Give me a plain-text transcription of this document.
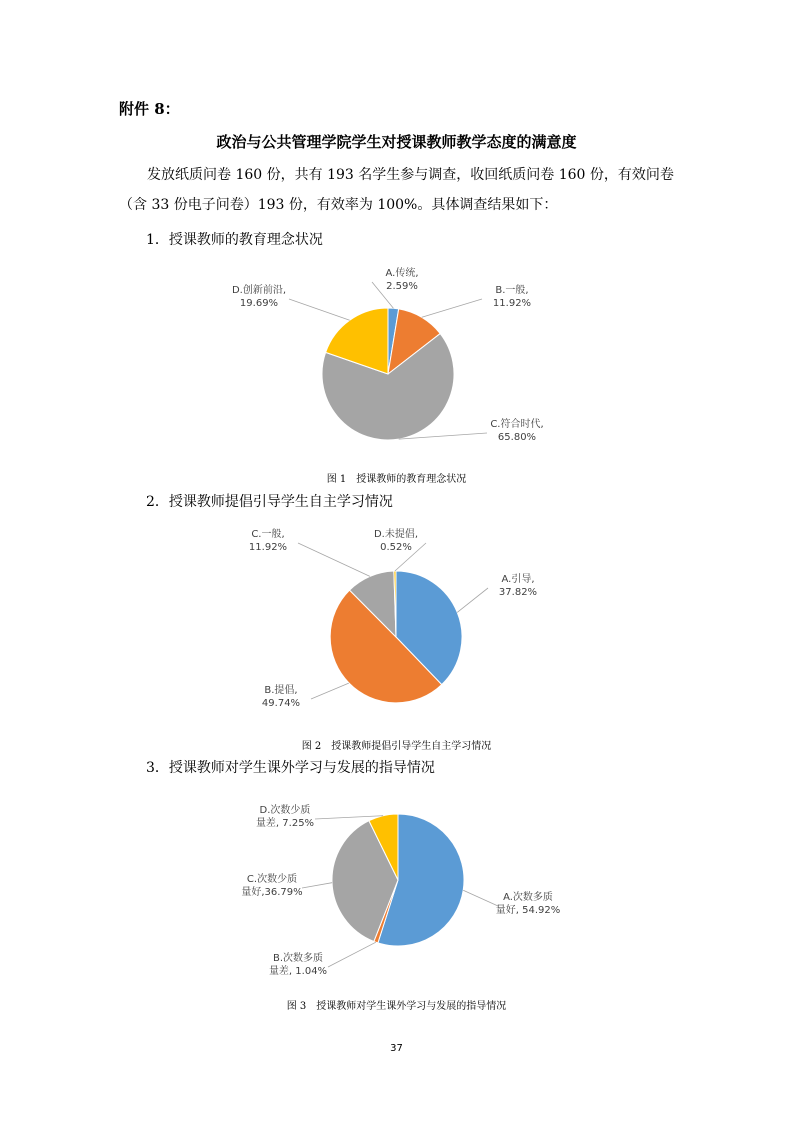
附件 8：
政治与公共管理学院学生对授课教师教学态度的满意度
发放纸质问卷 160 份，共有 193 名学生参与调查，收回纸质问卷 160 份，有效问卷（含 33 份电子问卷）193 份，有效率为 100%。具体调查结果如下：
1．授课教师的教育理念状况
A.传统,
2.59%	B.一般,
11.92%
C.符合时代,
65.80%
D.创新前沿,
19.69%
图 1　授课教师的教育理念状况
2．授课教师提倡引导学生自主学习情况
A.引导,
37.82%
B.提倡,
49.74%
C.一般,
11.92%
D.未提倡,
0.52%
图 2　授课教师提倡引导学生自主学习情况
3．授课教师对学生课外学习与发展的指导情况
A.次数多质
量好, 54.92%
B.次数多质
量差, 1.04%
C.次数少质
量好,36.79%
D.次数少质
量差, 7.25%
图 3　授课教师对学生课外学习与发展的指导情况
37
